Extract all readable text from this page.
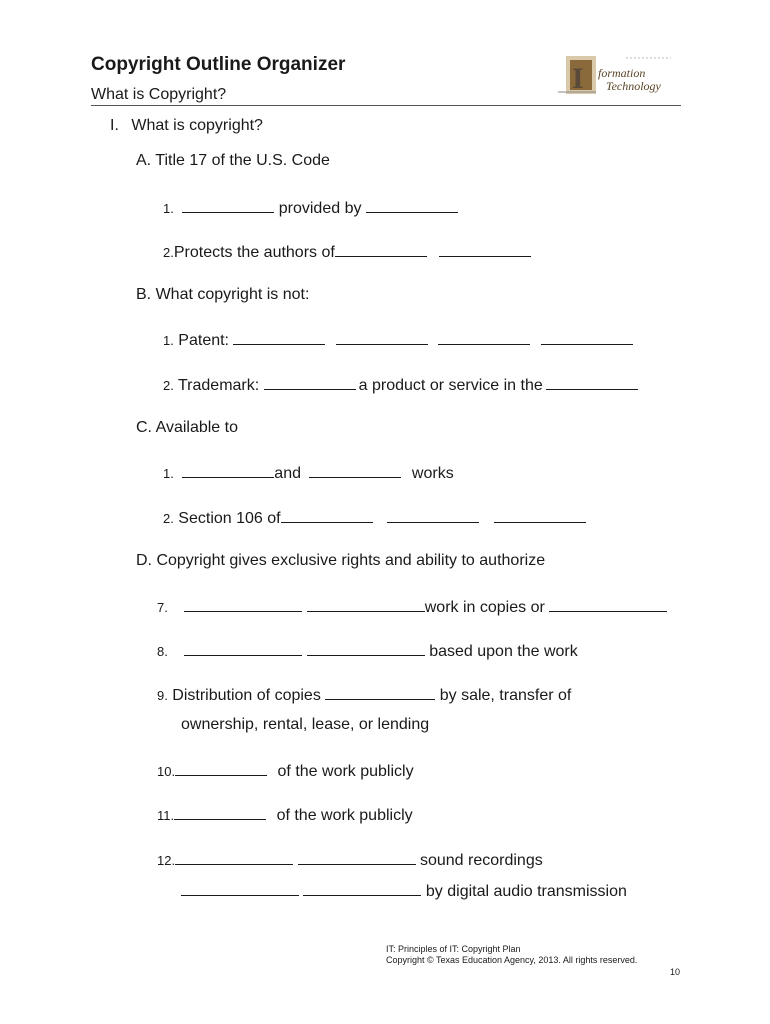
Copyright Outline Organizer
What is Copyright?	I formation
Technology
I. What is copyright?
A. Title 17 of the U.S. Code
1.	provided by
2.Protects the authors of
B. What copyright is not:
1. Patent:
2. Trademark:	a product or service in the
C. Available to
1.	and	works
2. Section 106 of
D. Copyright gives exclusive rights and ability to authorize
7.	work in copies or
8.	based upon the work
9. Distribution of copies	by sale, transfer of
ownership, rental, lease, or lending
10.	of the work publicly
11.	of the work publicly
12.	sound recordings
by digital audio transmission
IT: Principles of IT: Copyright Plan
Copyright © Texas Education Agency, 2013. All rights reserved.
10
